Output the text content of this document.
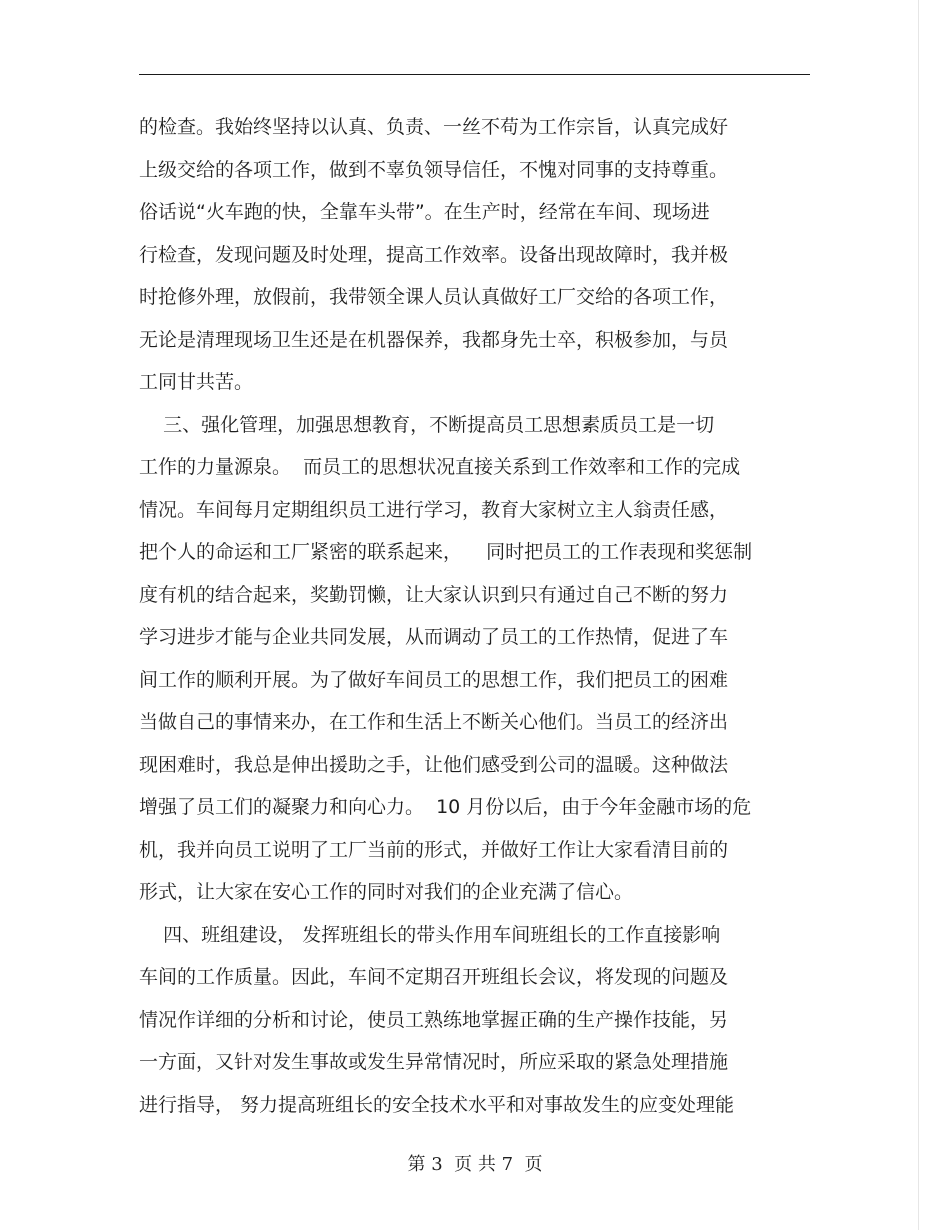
的检查。我始终坚持以认真、负责、一丝不苟为工作宗旨，认真完成好
上级交给的各项工作，做到不辜负领导信任，不愧对同事的支持尊重。
俗话说“火车跑的快，全靠车头带”。在生产时，经常在车间、现场进
行检查，发现问题及时处理，提高工作效率。设备出现故障时，我并极
时抢修外理，放假前，我带领全课人员认真做好工厂交给的各项工作，
无论是清理现场卫生还是在机器保养，我都身先士卒，积极参加，与员
工同甘共苦。
三、强化管理，加强思想教育，不断提高员工思想素质员工是一切
工作的力量源泉。  而员工的思想状况直接关系到工作效率和工作的完成
情况。车间每月定期组织员工进行学习，教育大家树立主人翁责任感，
把个人的命运和工厂紧密的联系起来，    同时把员工的工作表现和奖惩制
度有机的结合起来，奖勤罚懒，让大家认识到只有通过自己不断的努力
学习进步才能与企业共同发展，从而调动了员工的工作热情，促进了车
间工作的顺利开展。为了做好车间员工的思想工作，我们把员工的困难
当做自己的事情来办，在工作和生活上不断关心他们。当员工的经济出
现困难时，我总是伸出援助之手，让他们感受到公司的温暖。这种做法
增强了员工们的凝聚力和向心力。  10 月份以后，由于今年金融市场的危
机，我并向员工说明了工厂当前的形式，并做好工作让大家看清目前的
形式，让大家在安心工作的同时对我们的企业充满了信心。
四、班组建设， 发挥班组长的带头作用车间班组长的工作直接影响
车间的工作质量。因此，车间不定期召开班组长会议，将发现的问题及
情况作详细的分析和讨论，使员工熟练地掌握正确的生产操作技能，另
一方面，又针对发生事故或发生异常情况时，所应采取的紧急处理措施
进行指导， 努力提高班组长的安全技术水平和对事故发生的应变处理能
第 3  页 共 7  页
